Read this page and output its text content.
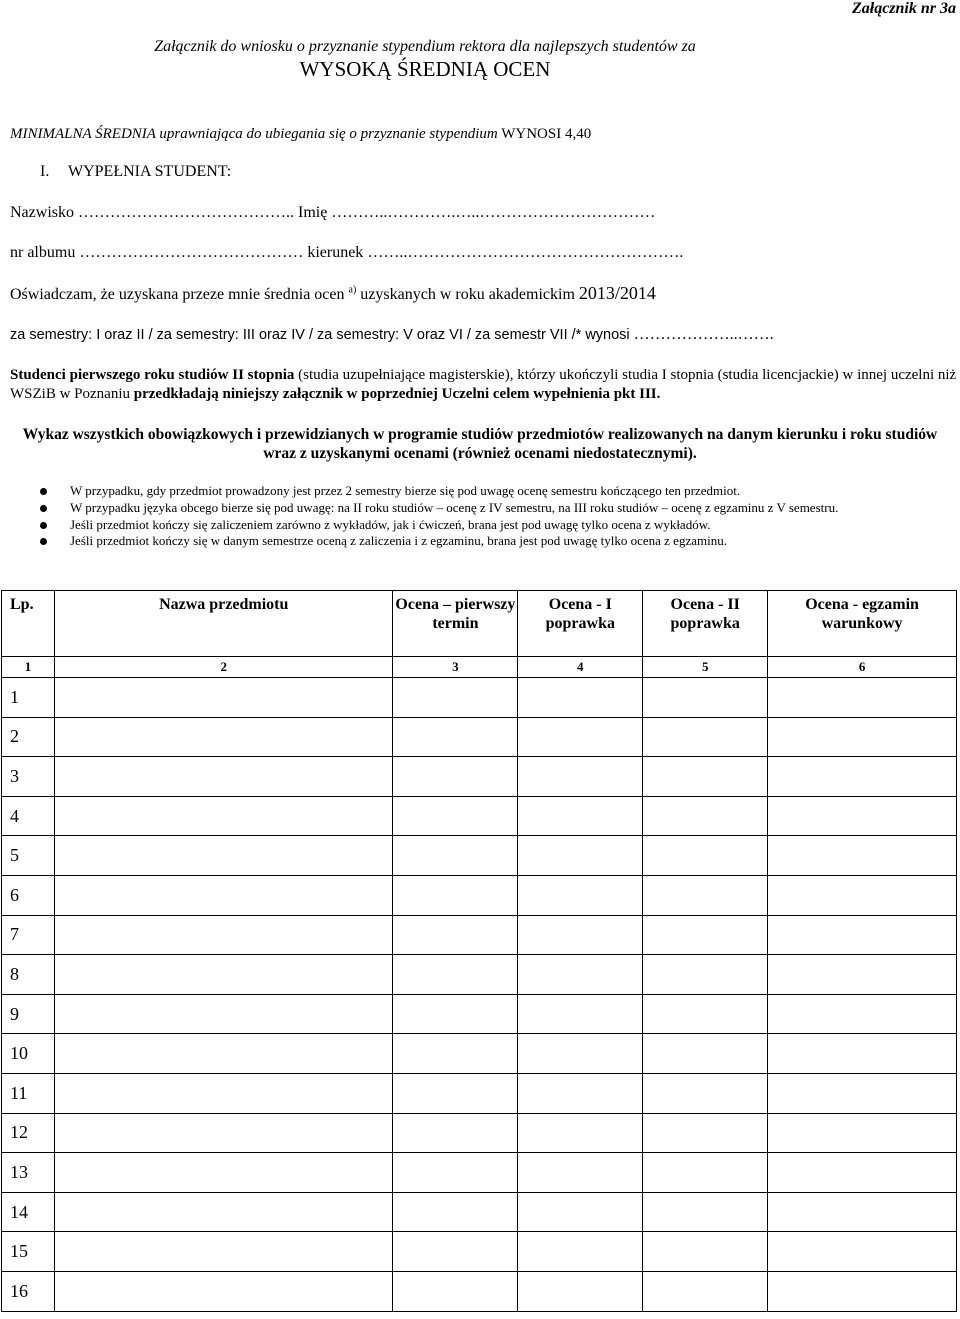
Załącznik nr 3a
Załącznik do wniosku o przyznanie stypendium rektora dla najlepszych studentów za
WYSOKĄ ŚREDNIĄ OCEN
MINIMALNA ŚREDNIA uprawniająca do ubiegania się o przyznanie stypendium WYNOSI 4,40
I. WYPEŁNIA STUDENT:
Nazwisko ………………………………….. Imię ………..………….…..……………………………
nr albumu …………………………………… kierunek ……..…………………………………………….
Oświadczam, że uzyskana przeze mnie średnia ocen $^{a)}$ uzyskanych w roku akademickim 2013/2014
za semestry: I oraz II / za semestry: III oraz IV / za semestry: V oraz VI / za semestr VII /* wynosi ………………..…….
Studenci pierwszego roku studiów II stopnia (studia uzupełniające magisterskie), którzy ukończyli studia I stopnia (studia licencjackie) w innej uczelni niż WSZiB w Poznaniu przedkładają niniejszy załącznik w poprzedniej Uczelni celem wypełnienia pkt III.
Wykaz wszystkich obowiązkowych i przewidzianych w programie studiów przedmiotów realizowanych na danym kierunku i roku studiów wraz z uzyskanymi ocenami (również ocenami niedostatecznymi).
W przypadku, gdy przedmiot prowadzony jest przez 2 semestry bierze się pod uwagę ocenę semestru kończącego ten przedmiot.
W przypadku języka obcego bierze się pod uwagę: na II roku studiów – ocenę z IV semestru, na III roku studiów – ocenę z egzaminu z V semestru.
Jeśli przedmiot kończy się zaliczeniem zarówno z wykładów, jak i ćwiczeń, brana jest pod uwagę tylko ocena z wykładów.
Jeśli przedmiot kończy się w danym semestrze oceną z zaliczenia i z egzaminu, brana jest pod uwagę tylko ocena z egzaminu.
Lp.	Nazwa przedmiotu	Ocena – pierwszy termin	Ocena - I poprawka	Ocena - II poprawka	Ocena - egzamin warunkowy
1	2	3	4	5	6
1					
2					
3					
4					
5					
6					
7					
8					
9					
10					
11					
12					
13					
14					
15					
16					
